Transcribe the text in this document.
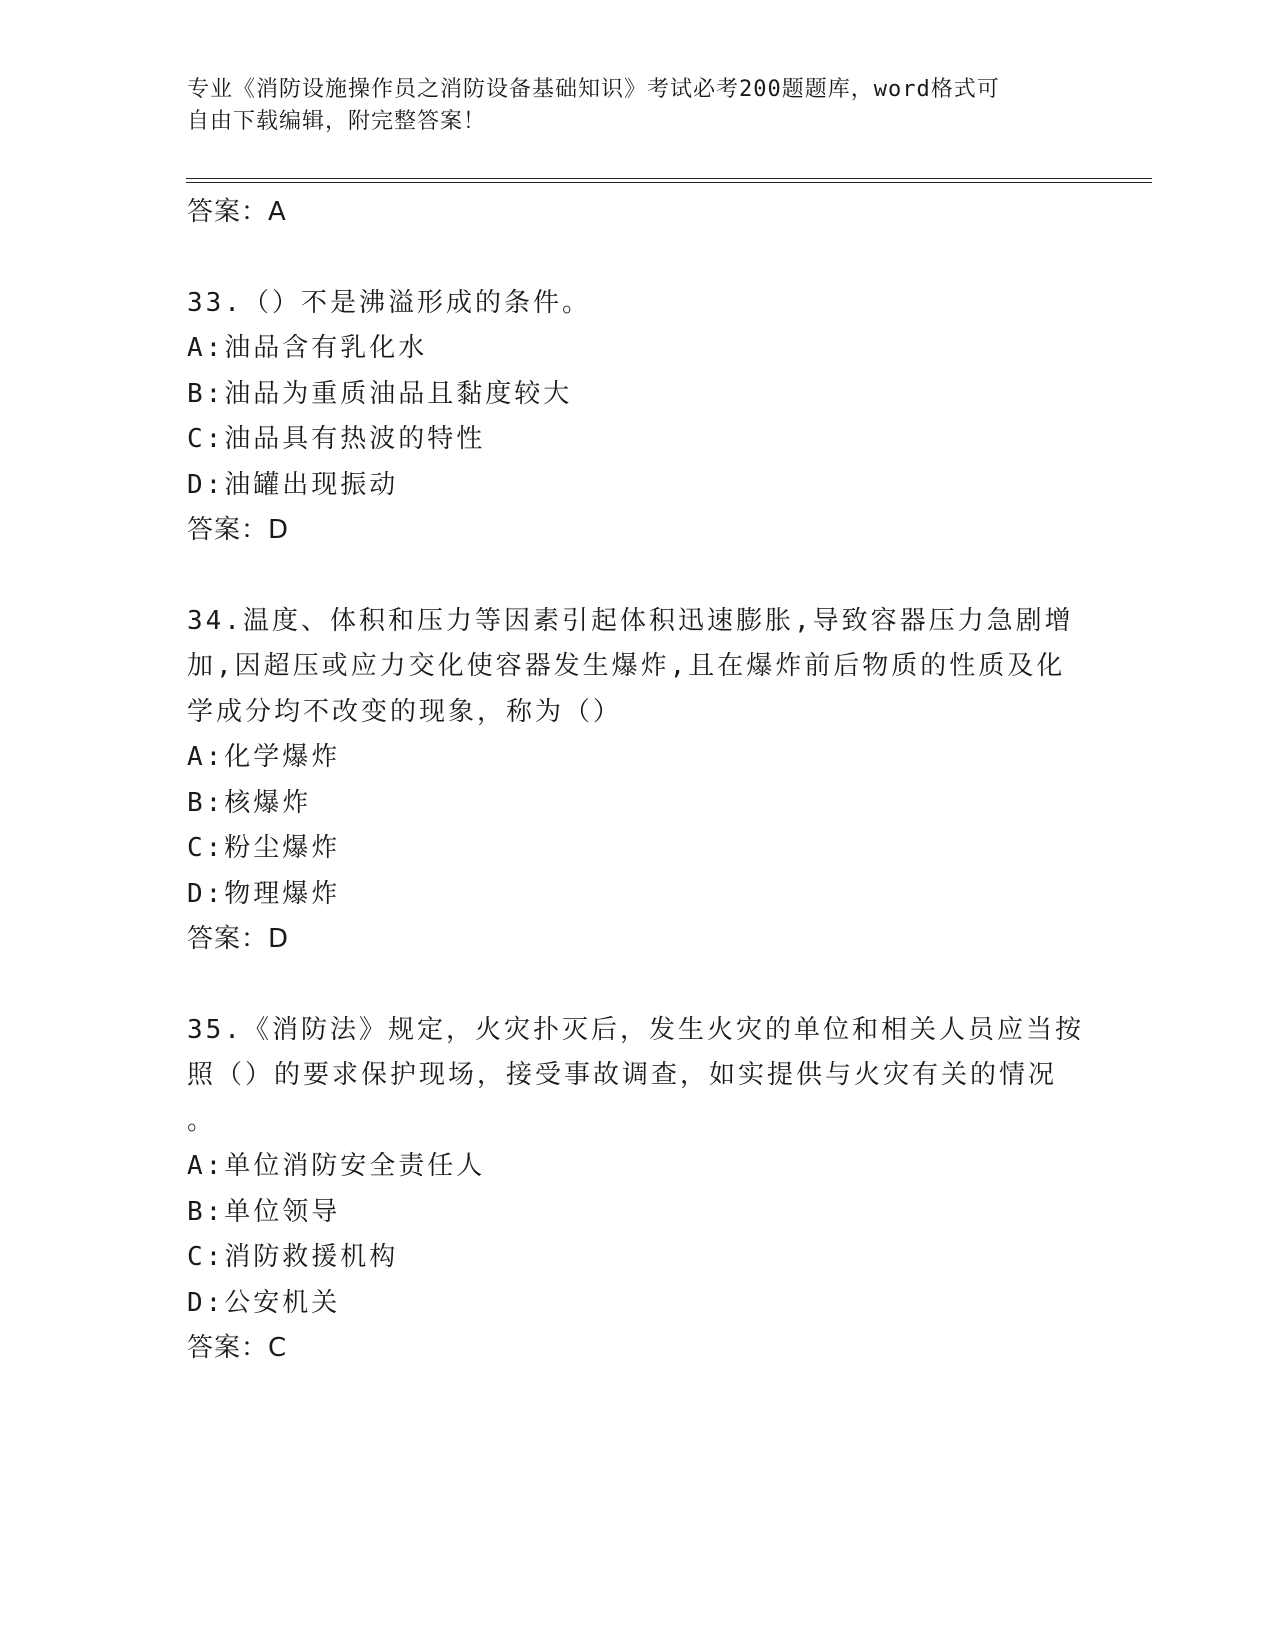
专业《消防设施操作员之消防设备基础知识》考试必考200题题库，word格式可
自由下载编辑，附完整答案！
答案：A
33.（）不是沸溢形成的条件。
A:油品含有乳化水
B:油品为重质油品且黏度较大
C:油品具有热波的特性
D:油罐出现振动
答案：D
34.温度、体积和压力等因素引起体积迅速膨胀,导致容器压力急剧增
加,因超压或应力交化使容器发生爆炸,且在爆炸前后物质的性质及化
学成分均不改变的现象，称为（）
A:化学爆炸
B:核爆炸
C:粉尘爆炸
D:物理爆炸
答案：D
35.《消防法》规定，火灾扑灭后，发生火灾的单位和相关人员应当按
照（）的要求保护现场，接受事故调查，如实提供与火灾有关的情况
。
A:单位消防安全责任人
B:单位领导
C:消防救援机构
D:公安机关
答案：C
